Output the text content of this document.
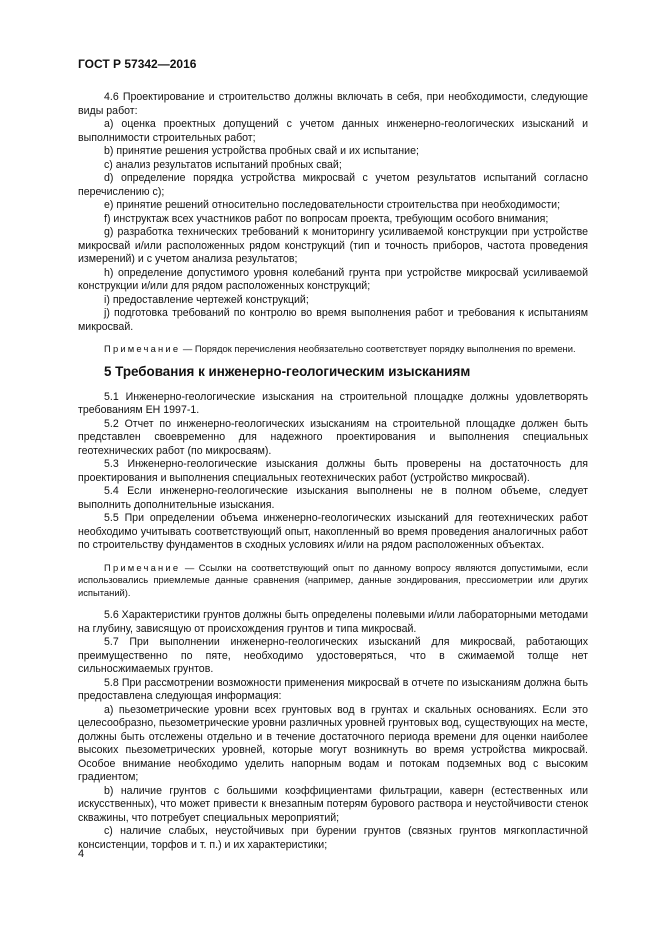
ГОСТ Р 57342—2016

4.6 Проектирование и строительство должны включать в себя, при необходимости, следующие виды работ:

а) оценка проектных допущений с учетом данных инженерно-геологических изысканий и выполнимости строительных работ;

b) принятие решения устройства пробных свай и их испытание;

с) анализ результатов испытаний пробных свай;

d) определение порядка устройства микросвай с учетом результатов испытаний согласно перечислению с);

е) принятие решений относительно последовательности строительства при необходимости;

f) инструктаж всех участников работ по вопросам проекта, требующим особого внимания;

g) разработка технических требований к мониторингу усиливаемой конструкции при устройстве микросвай и/или расположенных рядом конструкций (тип и точность приборов, частота проведения измерений) и с учетом анализа результатов;

h) определение допустимого уровня колебаний грунта при устройстве микросвай усиливаемой конструкции и/или для рядом расположенных конструкций;

i) предоставление чертежей конструкций;

j) подготовка требований по контролю во время выполнения работ и требования к испытаниям микросвай.

Примечание — Порядок перечисления необязательно соответствует порядку выполнения по времени.

5 Требования к инженерно-геологическим изысканиям

5.1 Инженерно-геологические изыскания на строительной площадке должны удовлетворять требованиям ЕН 1997-1.

5.2 Отчет по инженерно-геологических изысканиям на строительной площадке должен быть представлен своевременно для надежного проектирования и выполнения специальных геотехнических работ (по микросваям).

5.3 Инженерно-геологические изыскания должны быть проверены на достаточность для проектирования и выполнения специальных геотехнических работ (устройство микросвай).

5.4 Если инженерно-геологические изыскания выполнены не в полном объеме, следует выполнить дополнительные изыскания.

5.5 При определении объема инженерно-геологических изысканий для геотехнических работ необходимо учитывать соответствующий опыт, накопленный во время проведения аналогичных работ по строительству фундаментов в сходных условиях и/или на рядом расположенных объектах.

Примечание — Ссылки на соответствующий опыт по данному вопросу являются допустимыми, если использовались приемлемые данные сравнения (например, данные зондирования, прессиометрии или других испытаний).

5.6 Характеристики грунтов должны быть определены полевыми и/или лабораторными методами на глубину, зависящую от происхождения грунтов и типа микросвай.

5.7 При выполнении инженерно-геологических изысканий для микросвай, работающих преимущественно по пяте, необходимо удостоверяться, что в сжимаемой толще нет сильносжимаемых грунтов.

5.8 При рассмотрении возможности применения микросвай в отчете по изысканиям должна быть предоставлена следующая информация:

а) пьезометрические уровни всех грунтовых вод в грунтах и скальных основаниях. Если это целесообразно, пьезометрические уровни различных уровней грунтовых вод, существующих на месте, должны быть отслежены отдельно и в течение достаточного периода времени для оценки наиболее высоких пьезометрических уровней, которые могут возникнуть во время устройства микросвай. Особое внимание необходимо уделить напорным водам и потокам подземных вод с высоким градиентом;

b) наличие грунтов с большими коэффициентами фильтрации, каверн (естественных или искусственных), что может привести к внезапным потерям бурового раствора и неустойчивости стенок скважины, что потребует специальных мероприятий;

с) наличие слабых, неустойчивых при бурении грунтов (связных грунтов мягкопластичной консистенции, торфов и т. п.) и их характеристики;

4
